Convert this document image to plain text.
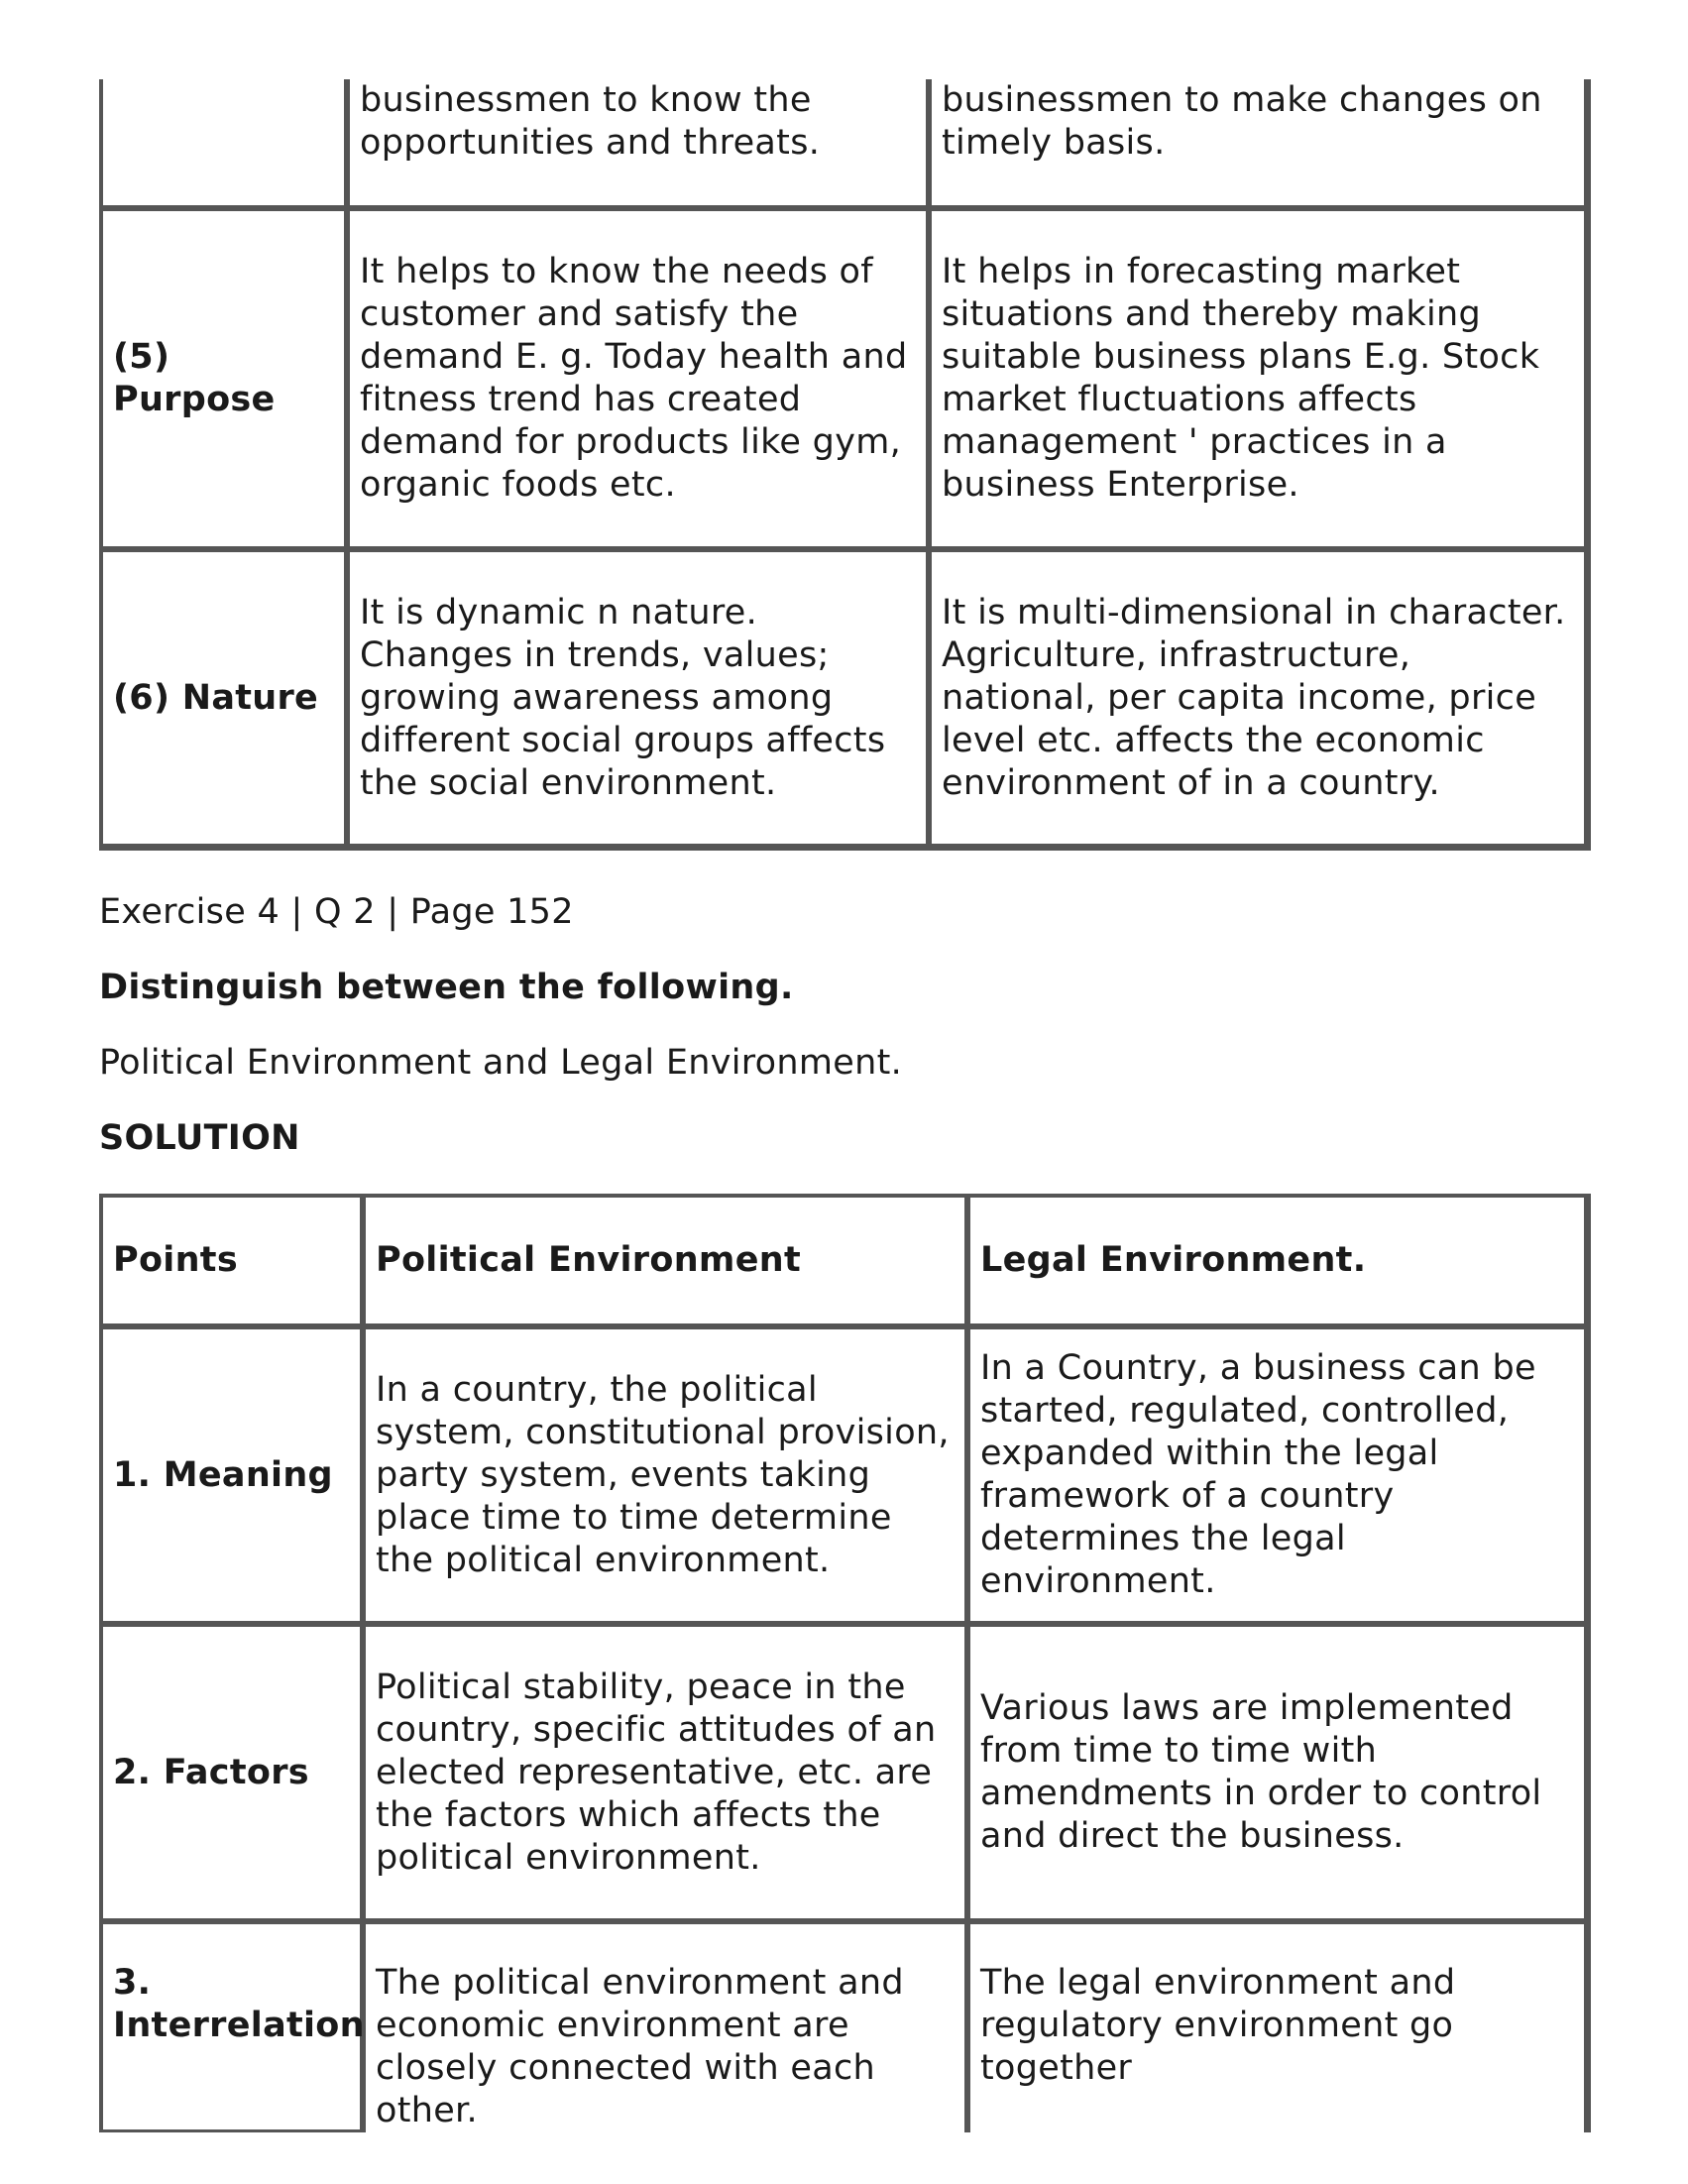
	businessmen to know the opportunities and threats.	businessmen to make changes on timely basis.
(5) Purpose	It helps to know the needs of customer and satisfy the demand E. g. Today health and fitness trend has created demand for products like gym, organic foods etc.	It helps in forecasting market situations and thereby making suitable business plans E.g. Stock market fluctuations affects management ' practices in a business Enterprise.
(6) Nature	It is dynamic n nature. Changes in trends, values; growing awareness among different social groups affects the social environment.	It is multi-dimensional in character. Agriculture, infrastructure, national, per capita income, price level etc. affects the economic environment of in a country.

Exercise 4 | Q 2 | Page 152

Distinguish between the following.

Political Environment and Legal Environment.

SOLUTION

Points	Political Environment	Legal Environment.
1. Meaning	In a country, the political system, constitutional provision, party system, events taking place time to time determine the political environment.	In a Country, a business can be started, regulated, controlled, expanded within the legal framework of a country determines the legal environment.
2. Factors	Political stability, peace in the country, specific attitudes of an elected representative, etc. are the factors which affects the political environment.	Various laws are implemented from time to time with amendments in order to control and direct the business.
3. Interrelation	The political environment and economic environment are closely connected with each other.	The legal environment and regulatory environment go together
